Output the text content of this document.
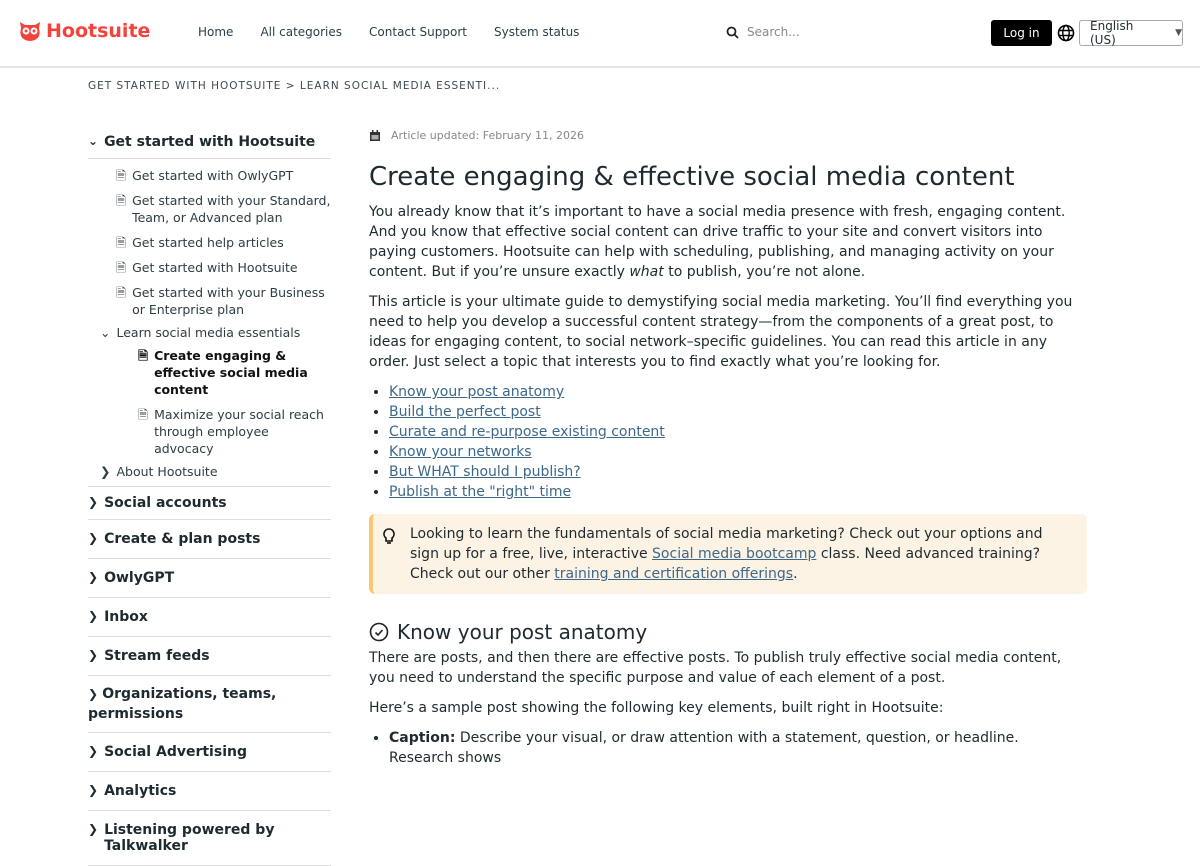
Hootsuite	Home All categories Contact Support System status	Search...	Log in	English (US)	▼
GET STARTED WITH HOOTSUITE > LEARN SOCIAL MEDIA ESSENTI...
⌄ Get started with Hootsuite
🗎 Get started with OwlyGPT
🗎 Get started with your Standard, Team, or Advanced plan
🗎 Get started help articles
🗎 Get started with Hootsuite
🗎 Get started with your Business or Enterprise plan
⌄ Learn social media essentials
🗎 Create engaging & effective social media content
🗎 Maximize your social reach through employee advocacy
❯ About Hootsuite
❯ Social accounts
❯ Create & plan posts
❯ OwlyGPT
❯ Inbox
❯ Stream feeds
❯ Organizations, teams, permissions
❯ Social Advertising
❯ Analytics
❯ Listening powered by Talkwalker
Article updated: February 11, 2026
Create engaging & effective social media content

You already know that it’s important to have a social media presence with fresh, engaging content. And you know that effective social content can drive traffic to your site and convert visitors into paying customers. Hootsuite can help with scheduling, publishing, and managing activity on your content. But if you’re unsure exactly what to publish, you’re not alone.

This article is your ultimate guide to demystifying social media marketing. You’ll find everything you need to help you develop a successful content strategy—from the components of a great post, to ideas for engaging content, to social network–specific guidelines. You can read this article in any order. Just select a topic that interests you to find exactly what you’re looking for.

• Know your post anatomy
• Build the perfect post
• Curate and re-purpose existing content
• Know your networks
• But WHAT should I publish?
• Publish at the "right" time
Looking to learn the fundamentals of social media marketing? Check out your options and sign up for a free, live, interactive Social media bootcamp class. Need advanced training? Check out our other training and certification offerings.
Know your post anatomy

There are posts, and then there are effective posts. To publish truly effective social media content, you need to understand the specific purpose and value of each element of a post.

Here’s a sample post showing the following key elements, built right in Hootsuite:

• Caption: Describe your visual, or draw attention with a statement, question, or headline. Research shows
